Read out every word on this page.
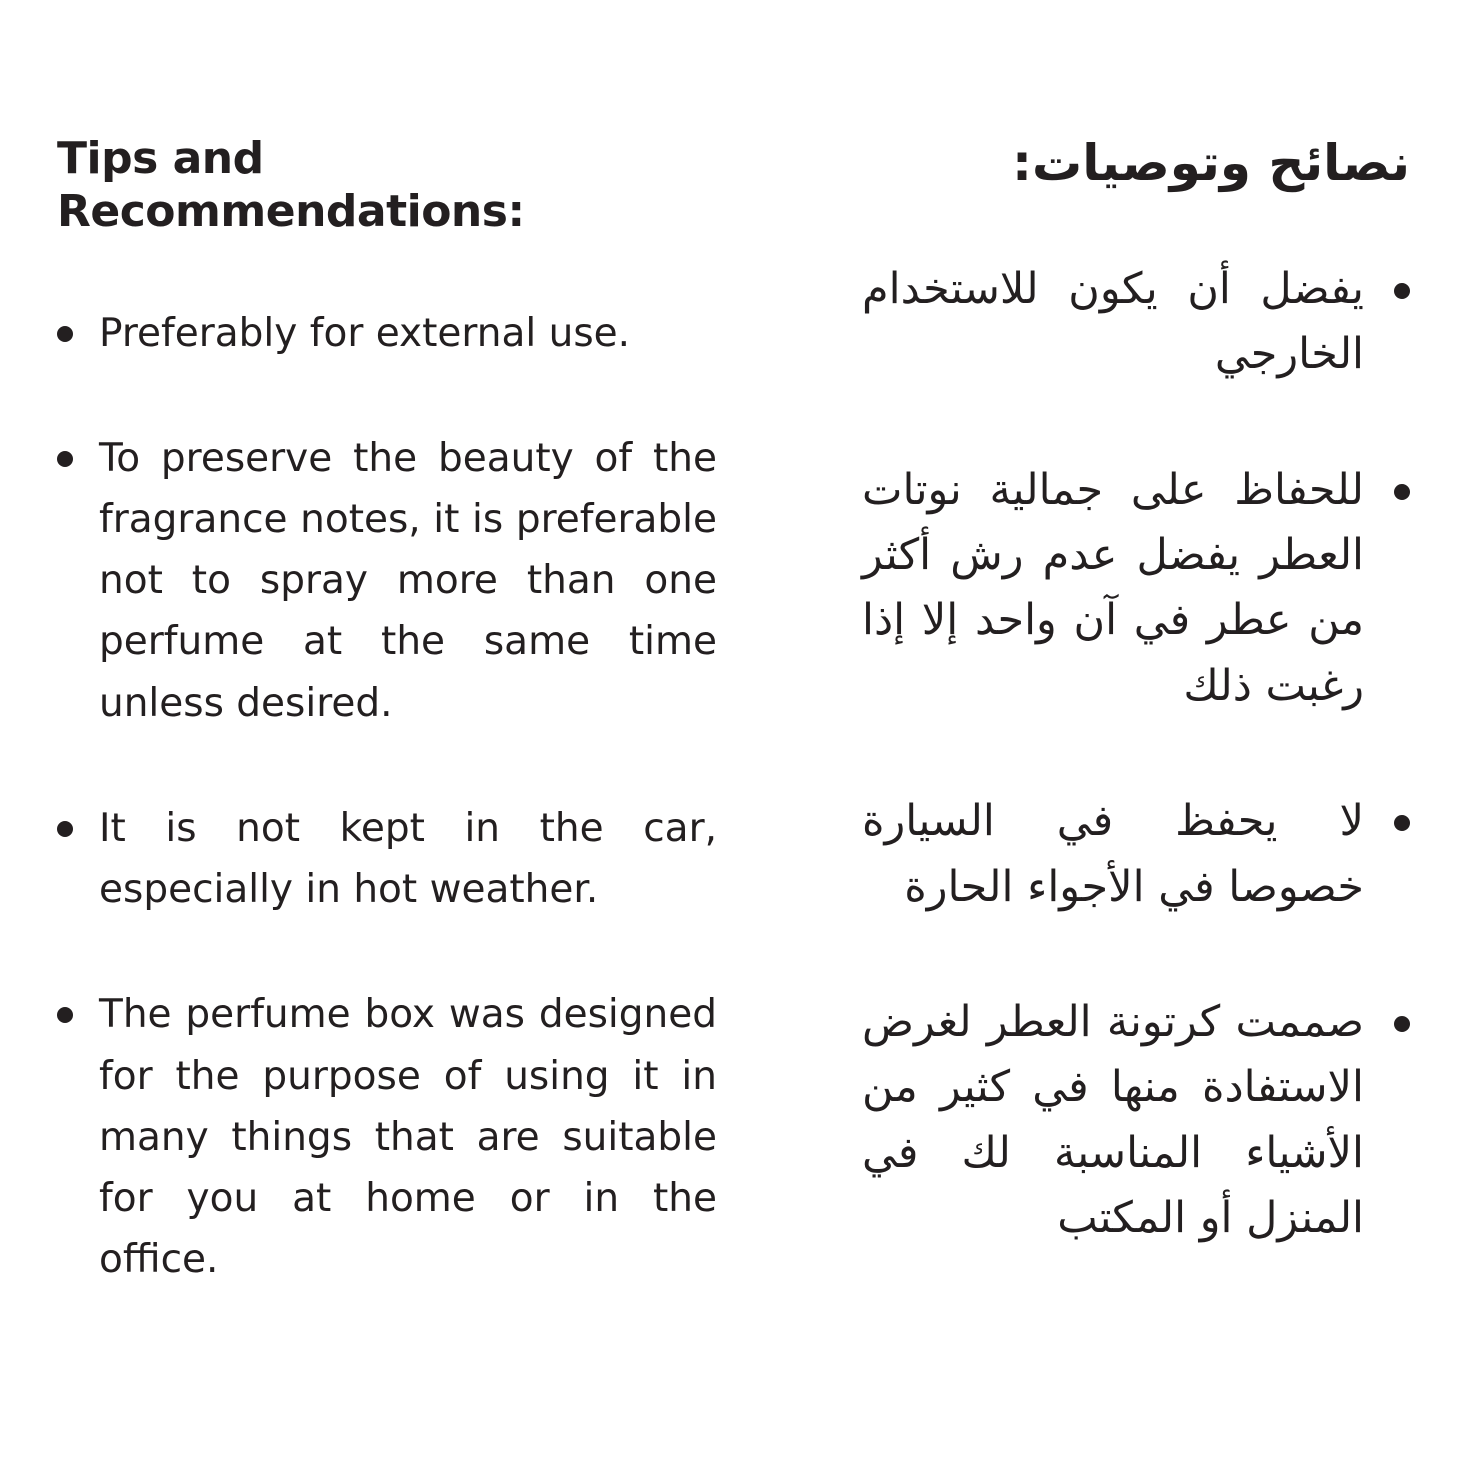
Tips and Recommendations:

Preferably for external use.

To preserve the beauty of the fragrance notes, it is preferable not to spray more than one perfume at the same time unless desired.

It is not kept in the car, especially in hot weather.

The perfume box was designed for the purpose of using it in many things that are suitable for you at home or in the office.

نصائح وتوصيات:

يفضل أن يكون للاستخدام الخارجي

للحفاظ على جمالية نوتات العطر يفضل عدم رش أكثر من عطر في آن واحد إلا إذا رغبت ذلك

لا يحفظ في السيارة خصوصا في الأجواء الحارة

صممت كرتونة العطر لغرض الاستفادة منها في كثير من الأشياء المناسبة لك في المنزل أو المكتب
